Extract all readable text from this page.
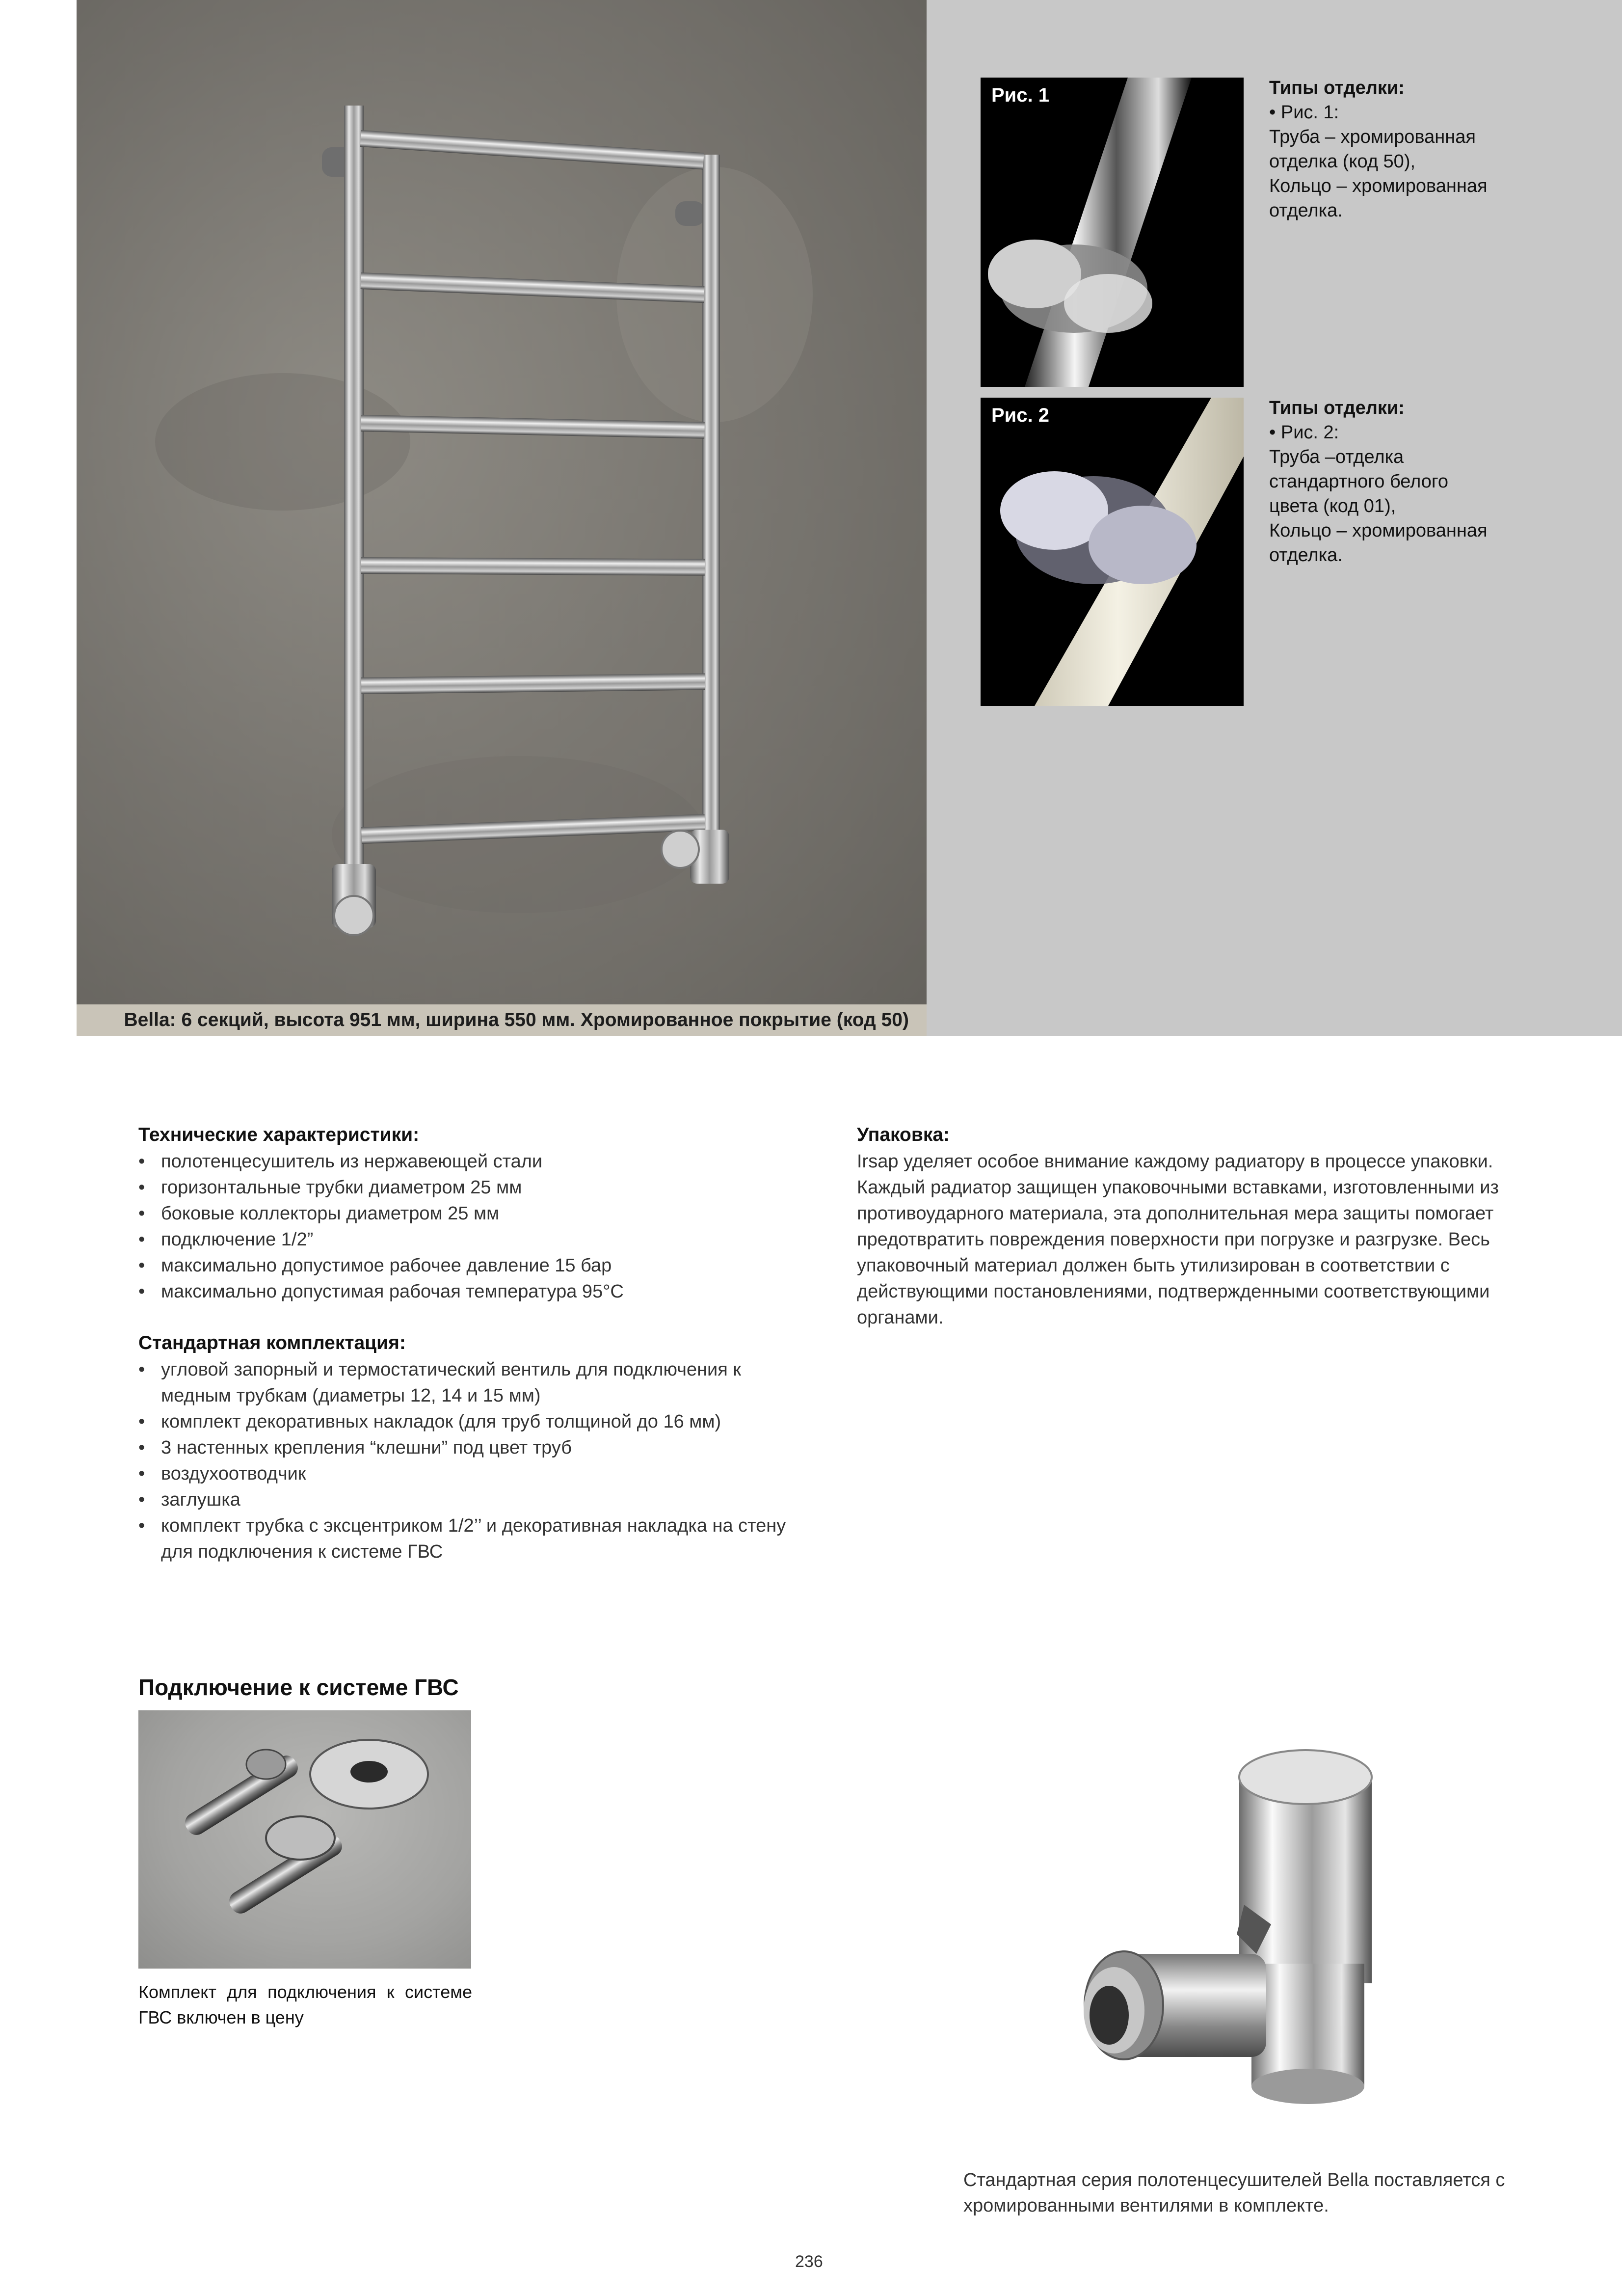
Bella: 6 секций, высота 951 мм, ширина 550 мм. Хромированное покрытие (код 50)
Рис. 1	Типы отделки:
• Рис. 1:
Труба – хромированная
отделка (код 50),
Кольцо – хромированная
отделка.
Рис. 2	Типы отделки:
• Рис. 2:
Труба –отделка
стандартного белого
цвета (код 01),
Кольцо – хромированная
отделка.
Технические характеристики:
• полотенцесушитель из нержавеющей стали
• горизонтальные трубки диаметром 25 мм
• боковые коллекторы диаметром 25 мм
• подключение 1/2”
• максимально допустимое рабочее давление 15 бар
• максимально допустимая рабочая температура 95°C
Стандартная комплектация:
• угловой запорный и термостатический вентиль для подключения к медным трубкам (диаметры 12, 14 и 15 мм)
• комплект декоративных накладок (для труб толщиной до 16 мм)
• 3 настенных крепления “клешни” под цвет труб
• воздухоотводчик
• заглушка
• комплект трубка с эксцентриком 1/2’’ и декоративная накладка на стену для подключения к системе ГВС
Упаковка:

Irsap уделяет особое внимание каждому радиатору в процессе упаковки. Каждый радиатор защищен упаковочными вставками, изготовленными из противоударного материала, эта дополнительная мера защиты помогает предотвратить повреждения поверхности при погрузке и разгрузке. Весь упаковочный материал должен быть утилизирован в соответствии с действующими постановлениями, подтвержденными соответствующими органами.

Подключение к системе ГВС
Комплект для подключения к системе ГВС включен в цену
Стандартная серия полотенцесушителей Bella поставляется с хромированными вентилями в комплекте.
236
